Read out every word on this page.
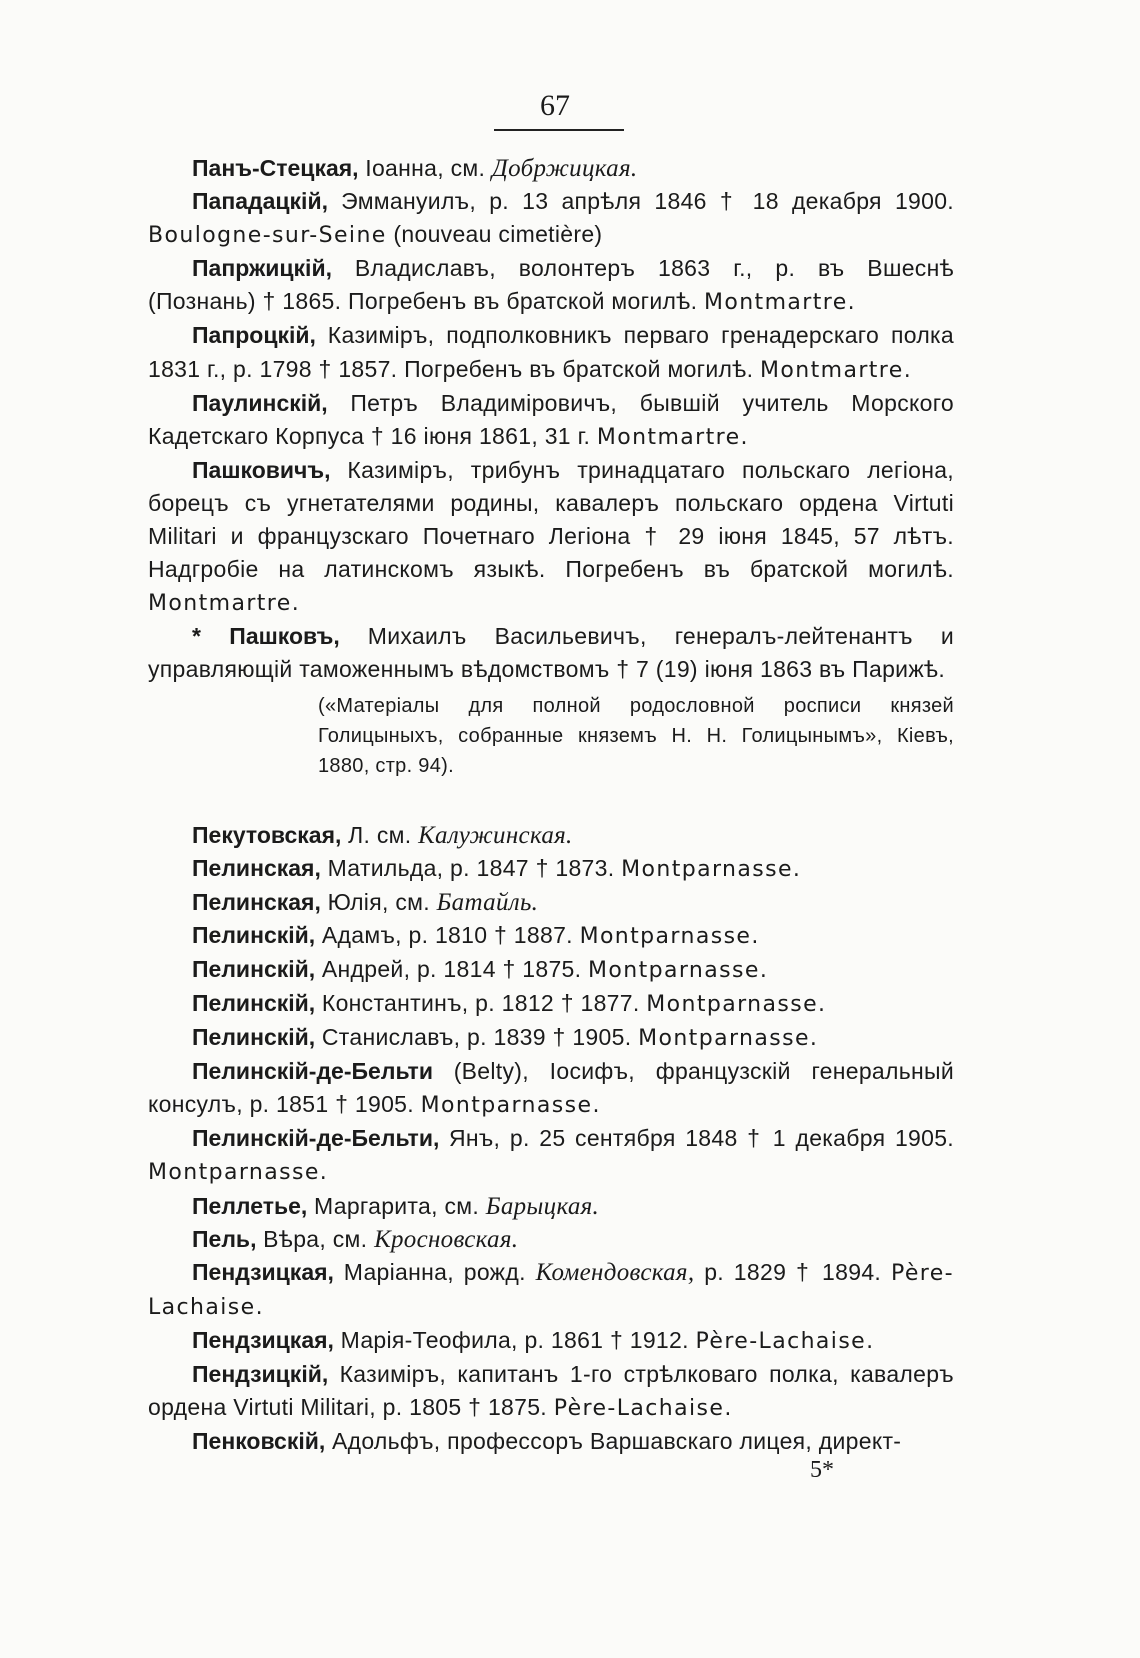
67

Панъ-Стецкая, Іоанна, см. Добржицкая.

Пападацкій, Эммануилъ, р. 13 апрѣля 1846 † 18 декабря 1900. Boulogne-sur-Seine (nouveau cimetière)

Папржицкій, Владиславъ, волонтеръ 1863 г., р. въ Вшеснѣ (Познань) † 1865. Погребенъ въ братской могилѣ. Montmartre.

Папроцкій, Казиміръ, подполковникъ перваго гренадерскаго полка 1831 г., р. 1798 † 1857. Погребенъ въ братской могилѣ. Montmartre.

Паулинскій, Петръ Владиміровичъ, бывшій учитель Морского Кадетскаго Корпуса † 16 іюня 1861, 31 г. Montmartre.

Пашковичъ, Казиміръ, трибунъ тринадцатаго польскаго легіона, борецъ съ угнетателями родины, кавалеръ польскаго ордена Virtuti Militari и французскаго Почетнаго Легіона † 29 іюня 1845, 57 лѣтъ. Надгробіе на латинскомъ языкѣ. Погребенъ въ братской могилѣ. Montmartre.

* Пашковъ, Михаилъ Васильевичъ, генералъ-лейтенантъ и управляющій таможеннымъ вѣдомствомъ † 7 (19) іюня 1863 въ Парижѣ.

(«Матеріалы для полной родословной росписи князей Голицыныхъ, собранные княземъ Н. Н. Голицынымъ», Кіевъ, 1880, стр. 94).

Пекутовская, Л. см. Калужинская.

Пелинская, Матильда, р. 1847 † 1873. Montparnasse.

Пелинская, Юлія, см. Батайль.

Пелинскій, Адамъ, р. 1810 † 1887. Montparnasse.

Пелинскій, Андрей, р. 1814 † 1875. Montparnasse.

Пелинскій, Константинъ, р. 1812 † 1877. Montparnasse.

Пелинскій, Станиславъ, р. 1839 † 1905. Montparnasse.

Пелинскій-де-Бельти (Belty), Іосифъ, французскій генеральный консулъ, р. 1851 † 1905. Montparnasse.

Пелинскій-де-Бельти, Янъ, р. 25 сентября 1848 † 1 декабря 1905. Montparnasse.

Пеллетье, Маргарита, см. Барыцкая.

Пель, Вѣра, см. Кросновская.

Пендзицкая, Маріанна, рожд. Комендовская, р. 1829 † 1894. Père-Lachaise.

Пендзицкая, Марія-Теофила, р. 1861 † 1912. Père-Lachaise.

Пендзицкій, Казиміръ, капитанъ 1-го стрѣлковаго полка, кавалеръ ордена Virtuti Militari, р. 1805 † 1875. Père-Lachaise.

Пенковскій, Адольфъ, профессоръ Варшавскаго лицея, директ-

5*
